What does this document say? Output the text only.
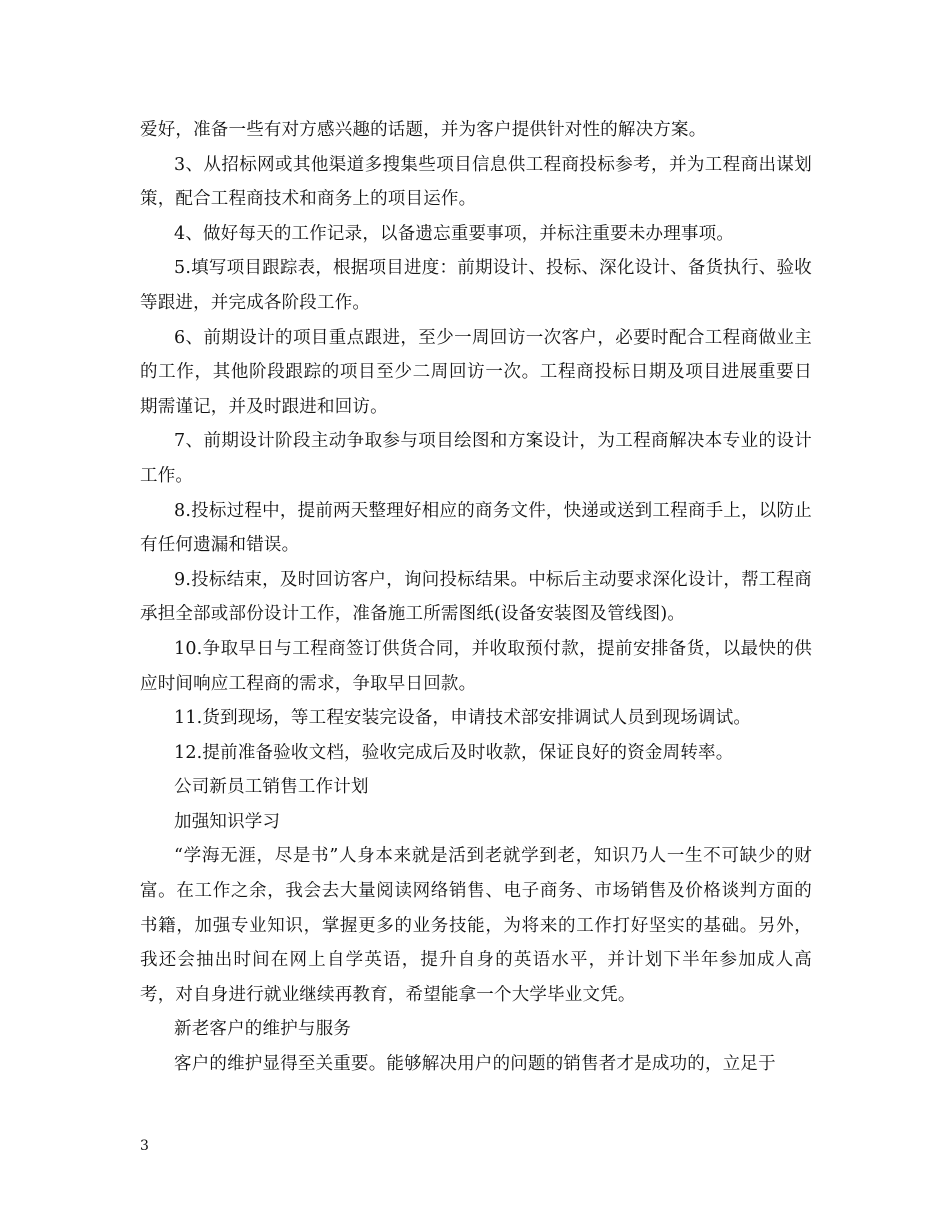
爱好，准备一些有对方感兴趣的话题，并为客户提供针对性的解决方案。

3、从招标网或其他渠道多搜集些项目信息供工程商投标参考，并为工程商出谋划策，配合工程商技术和商务上的项目运作。

4、做好每天的工作记录，以备遗忘重要事项，并标注重要未办理事项。

5.填写项目跟踪表，根据项目进度：前期设计、投标、深化设计、备货执行、验收等跟进，并完成各阶段工作。

6、前期设计的项目重点跟进，至少一周回访一次客户，必要时配合工程商做业主的工作，其他阶段跟踪的项目至少二周回访一次。工程商投标日期及项目进展重要日期需谨记，并及时跟进和回访。

7、前期设计阶段主动争取参与项目绘图和方案设计，为工程商解决本专业的设计工作。

8.投标过程中，提前两天整理好相应的商务文件，快递或送到工程商手上，以防止有任何遗漏和错误。

9.投标结束，及时回访客户，询问投标结果。中标后主动要求深化设计，帮工程商承担全部或部份设计工作，准备施工所需图纸(设备安装图及管线图)。

10.争取早日与工程商签订供货合同，并收取预付款，提前安排备货，以最快的供应时间响应工程商的需求，争取早日回款。

11.货到现场，等工程安装完设备，申请技术部安排调试人员到现场调试。

12.提前准备验收文档，验收完成后及时收款，保证良好的资金周转率。

公司新员工销售工作计划

加强知识学习

“学海无涯，尽是书”人身本来就是活到老就学到老，知识乃人一生不可缺少的财富。在工作之余，我会去大量阅读网络销售、电子商务、市场销售及价格谈判方面的书籍，加强专业知识，掌握更多的业务技能，为将来的工作打好坚实的基础。另外，我还会抽出时间在网上自学英语，提升自身的英语水平，并计划下半年参加成人高考，对自身进行就业继续再教育，希望能拿一个大学毕业文凭。

新老客户的维护与服务

客户的维护显得至关重要。能够解决用户的问题的销售者才是成功的，立足于

3
